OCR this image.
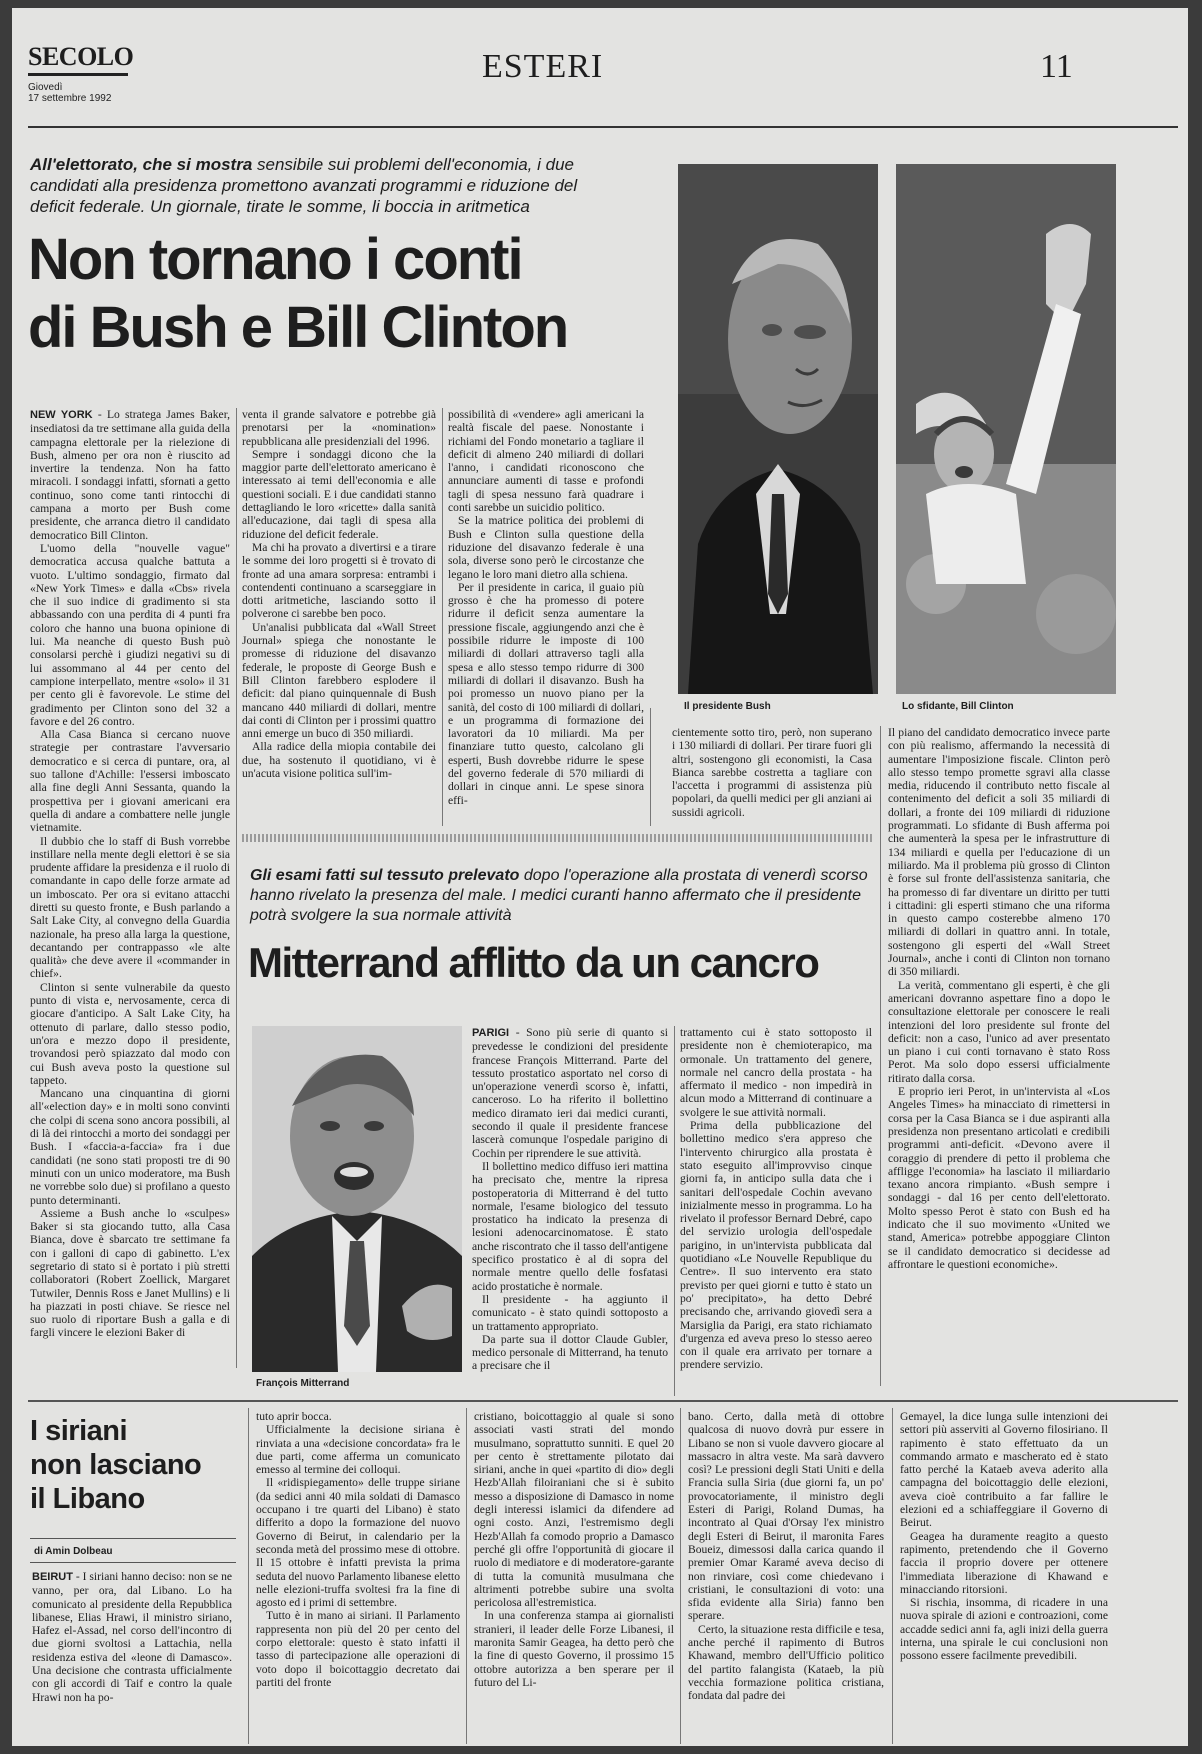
SECOLO
Giovedì
17 settembre 1992
ESTERI	11
All'elettorato, che si mostra sensibile sui problemi dell'economia, i due candidati alla presidenza promettono avanzati programmi e riduzione del deficit federale. Un giornale, tirate le somme, li boccia in aritmetica
Non tornano i conti
di Bush e Bill Clinton

NEW YORK - Lo stratega James Baker, insediatosi da tre settimane alla guida della campagna elettorale per la rielezione di Bush, almeno per ora non è riuscito ad invertire la tendenza. Non ha fatto miracoli. I sondaggi infatti, sfornati a getto continuo, sono come tanti rintocchi di campana a morto per Bush come presidente, che arranca dietro il candidato democratico Bill Clinton.

L'uomo della "nouvelle vague" democratica accusa qualche battuta a vuoto. L'ultimo sondaggio, firmato dal «New York Times» e dalla «Cbs» rivela che il suo indice di gradimento si sta abbassando con una perdita di 4 punti fra coloro che hanno una buona opinione di lui. Ma neanche di questo Bush può consolarsi perchè i giudizi negativi su di lui assommano al 44 per cento del campione interpellato, mentre «solo» il 31 per cento gli è favorevole. Le stime del gradimento per Clinton sono del 32 a favore e del 26 contro.

Alla Casa Bianca si cercano nuove strategie per contrastare l'avversario democratico e si cerca di puntare, ora, al suo tallone d'Achille: l'essersi imboscato alla fine degli Anni Sessanta, quando la prospettiva per i giovani americani era quella di andare a combattere nelle jungle vietnamite.

Il dubbio che lo staff di Bush vorrebbe instillare nella mente degli elettori è se sia prudente affidare la presidenza e il ruolo di comandante in capo delle forze armate ad un imboscato. Per ora si evitano attacchi diretti su questo fronte, e Bush parlando a Salt Lake City, al convegno della Guardia nazionale, ha preso alla larga la questione, decantando per contrappasso «le alte qualità» che deve avere il «commander in chief».

Clinton si sente vulnerabile da questo punto di vista e, nervosamente, cerca di giocare d'anticipo. A Salt Lake City, ha ottenuto di parlare, dallo stesso podio, un'ora e mezzo dopo il presidente, trovandosi però spiazzato dal modo con cui Bush aveva posto la questione sul tappeto.

Mancano una cinquantina di giorni all'«election day» e in molti sono convinti che colpi di scena sono ancora possibili, al di là dei rintocchi a morto dei sondaggi per Bush. I «faccia-a-faccia» fra i due candidati (ne sono stati proposti tre di 90 minuti con un unico moderatore, ma Bush ne vorrebbe solo due) si profilano a questo punto determinanti.

Assieme a Bush anche lo «sculpes» Baker si sta giocando tutto, alla Casa Bianca, dove è sbarcato tre settimane fa con i galloni di capo di gabinetto. L'ex segretario di stato si è portato i più stretti collaboratori (Robert Zoellick, Margaret Tutwiler, Dennis Ross e Janet Mullins) e li ha piazzati in posti chiave. Se riesce nel suo ruolo di riportare Bush a galla e di fargli vincere le elezioni Baker di

venta il grande salvatore e potrebbe già prenotarsi per la «nomination» repubblicana alle presidenziali del 1996.

Sempre i sondaggi dicono che la maggior parte dell'elettorato americano è interessato ai temi dell'economia e alle questioni sociali. E i due candidati stanno dettagliando le loro «ricette» dalla sanità all'educazione, dai tagli di spesa alla riduzione del deficit federale.

Ma chi ha provato a divertirsi e a tirare le somme dei loro progetti si è trovato di fronte ad una amara sorpresa: entrambi i contendenti continuano a scarseggiare in dotti aritmetiche, lasciando sotto il polverone ci sarebbe ben poco.

Un'analisi pubblicata dal «Wall Street Journal» spiega che nonostante le promesse di riduzione del disavanzo federale, le proposte di George Bush e Bill Clinton farebbero esplodere il deficit: dal piano quinquennale di Bush mancano 440 miliardi di dollari, mentre dai conti di Clinton per i prossimi quattro anni emerge un buco di 350 miliardi.

Alla radice della miopia contabile dei due, ha sostenuto il quotidiano, vi è un'acuta visione politica sull'im-

possibilità di «vendere» agli americani la realtà fiscale del paese. Nonostante i richiami del Fondo monetario a tagliare il deficit di almeno 240 miliardi di dollari l'anno, i candidati riconoscono che annunciare aumenti di tasse e profondi tagli di spesa nessuno farà quadrare i conti sarebbe un suicidio politico.

Se la matrice politica dei problemi di Bush e Clinton sulla questione della riduzione del disavanzo federale è una sola, diverse sono però le circostanze che legano le loro mani dietro alla schiena.

Per il presidente in carica, il guaio più grosso è che ha promesso di potere ridurre il deficit senza aumentare la pressione fiscale, aggiungendo anzi che è possibile ridurre le imposte di 100 miliardi di dollari attraverso tagli alla spesa e allo stesso tempo ridurre di 300 miliardi di dollari il disavanzo. Bush ha poi promesso un nuovo piano per la sanità, del costo di 100 miliardi di dollari, e un programma di formazione dei lavoratori da 10 miliardi. Ma per finanziare tutto questo, calcolano gli esperti, Bush dovrebbe ridurre le spese del governo federale di 570 miliardi di dollari in cinque anni. Le spese sinora effi-

Il presidente Bush	Lo sfidante, Bill Clinton

cientemente sotto tiro, però, non superano i 130 miliardi di dollari. Per tirare fuori gli altri, sostengono gli economisti, la Casa Bianca sarebbe costretta a tagliare con l'accetta i programmi di assistenza più popolari, da quelli medici per gli anziani ai sussidi agricoli.

Il piano del candidato democratico invece parte con più realismo, affermando la necessità di aumentare l'imposizione fiscale. Clinton però allo stesso tempo promette sgravi alla classe media, riducendo il contributo netto fiscale al contenimento del deficit a soli 35 miliardi di dollari, a fronte dei 109 miliardi di riduzione programmati. Lo sfidante di Bush afferma poi che aumenterà la spesa per le infrastrutture di 134 miliardi e quella per l'educazione di un miliardo. Ma il problema più grosso di Clinton è forse sul fronte dell'assistenza sanitaria, che ha promesso di far diventare un diritto per tutti i cittadini: gli esperti stimano che una riforma in questo campo costerebbe almeno 170 miliardi di dollari in quattro anni. In totale, sostengono gli esperti del «Wall Street Journal», anche i conti di Clinton non tornano di 350 miliardi.

La verità, commentano gli esperti, è che gli americani dovranno aspettare fino a dopo le consultazione elettorale per conoscere le reali intenzioni del loro presidente sul fronte del deficit: non a caso, l'unico ad aver presentato un piano i cui conti tornavano è stato Ross Perot. Ma solo dopo essersi ufficialmente ritirato dalla corsa.

E proprio ieri Perot, in un'intervista al «Los Angeles Times» ha minacciato di rimettersi in corsa per la Casa Bianca se i due aspiranti alla presidenza non presentano articolati e credibili programmi anti-deficit. «Devono avere il coraggio di prendere di petto il problema che affligge l'economia» ha lasciato il miliardario texano ancora rimpianto. «Bush sempre i sondaggi - dal 16 per cento dell'elettorato. Molto spesso Perot è stato con Bush ed ha indicato che il suo movimento «United we stand, America» potrebbe appoggiare Clinton se il candidato democratico si decidesse ad affrontare le questioni economiche».

Gli esami fatti sul tessuto prelevato dopo l'operazione alla prostata di venerdì scorso hanno rivelato la presenza del male. I medici curanti hanno affermato che il presidente potrà svolgere la sua normale attività
Mitterrand afflitto da un cancro
François Mitterrand

PARIGI - Sono più serie di quanto si prevedesse le condizioni del presidente francese François Mitterrand. Parte del tessuto prostatico asportato nel corso di un'operazione venerdì scorso è, infatti, canceroso. Lo ha riferito il bollettino medico diramato ieri dai medici curanti, secondo il quale il presidente francese lascerà comunque l'ospedale parigino di Cochin per riprendere le sue attività.

Il bollettino medico diffuso ieri mattina ha precisato che, mentre la ripresa postoperatoria di Mitterrand è del tutto normale, l'esame biologico del tessuto prostatico ha indicato la presenza di lesioni adenocarcinomatose. È stato anche riscontrato che il tasso dell'antigene specifico prostatico è al di sopra del normale mentre quello delle fosfatasi acido prostatiche è normale.

Il presidente - ha aggiunto il comunicato - è stato quindi sottoposto a un trattamento appropriato.

Da parte sua il dottor Claude Gubler, medico personale di Mitterrand, ha tenuto a precisare che il

trattamento cui è stato sottoposto il presidente non è chemioterapico, ma ormonale. Un trattamento del genere, normale nel cancro della prostata - ha affermato il medico - non impedirà in alcun modo a Mitterrand di continuare a svolgere le sue attività normali.

Prima della pubblicazione del bollettino medico s'era appreso che l'intervento chirurgico alla prostata è stato eseguito all'improvviso cinque giorni fa, in anticipo sulla data che i sanitari dell'ospedale Cochin avevano inizialmente messo in programma. Lo ha rivelato il professor Bernard Debré, capo del servizio urologia dell'ospedale parigino, in un'intervista pubblicata dal quotidiano «Le Nouvelle Republique du Centre». Il suo intervento era stato previsto per quei giorni e tutto è stato un po' precipitato», ha detto Debré precisando che, arrivando giovedì sera a Marsiglia da Parigi, era stato richiamato d'urgenza ed aveva preso lo stesso aereo con il quale era arrivato per tornare a prendere servizio.

I siriani
non lasciano
il Libano
di Amin Dolbeau

BEIRUT - I siriani hanno deciso: non se ne vanno, per ora, dal Libano. Lo ha comunicato al presidente della Repubblica libanese, Elias Hrawi, il ministro siriano, Hafez el-Assad, nel corso dell'incontro di due giorni svoltosi a Lattachia, nella residenza estiva del «leone di Damasco». Una decisione che contrasta ufficialmente con gli accordi di Taif e contro la quale Hrawi non ha po-

tuto aprir bocca.

Ufficialmente la decisione siriana è rinviata a una «decisione concordata» fra le due parti, come afferma un comunicato emesso al termine dei colloqui.

Il «ridispiegamento» delle truppe siriane (da sedici anni 40 mila soldati di Damasco occupano i tre quarti del Libano) è stato differito a dopo la formazione del nuovo Governo di Beirut, in calendario per la seconda metà del prossimo mese di ottobre. Il 15 ottobre è infatti prevista la prima seduta del nuovo Parlamento libanese eletto nelle elezioni-truffa svoltesi fra la fine di agosto ed i primi di settembre.

Tutto è in mano ai siriani. Il Parlamento rappresenta non più del 20 per cento del corpo elettorale: questo è stato infatti il tasso di partecipazione alle operazioni di voto dopo il boicottaggio decretato dai partiti del fronte

cristiano, boicottaggio al quale si sono associati vasti strati del mondo musulmano, soprattutto sunniti. E quel 20 per cento è strettamente pilotato dai siriani, anche in quei «partito di dio» degli Hezb'Allah filoiraniani che si è subito messo a disposizione di Damasco in nome degli interessi islamici da difendere ad ogni costo. Anzi, l'estremismo degli Hezb'Allah fa comodo proprio a Damasco perché gli offre l'opportunità di giocare il ruolo di mediatore e di moderatore-garante di tutta la comunità musulmana che altrimenti potrebbe subire una svolta pericolosa all'estremistica.

In una conferenza stampa ai giornalisti stranieri, il leader delle Forze Libanesi, il maronita Samir Geagea, ha detto però che la fine di questo Governo, il prossimo 15 ottobre autorizza a ben sperare per il futuro del Li-

bano. Certo, dalla metà di ottobre qualcosa di nuovo dovrà pur essere in Libano se non si vuole davvero giocare al massacro in altra veste. Ma sarà davvero così? Le pressioni degli Stati Uniti e della Francia sulla Siria (due giorni fa, un po' provocatoriamente, il ministro degli Esteri di Parigi, Roland Dumas, ha incontrato al Quai d'Orsay l'ex ministro degli Esteri di Beirut, il maronita Fares Boueiz, dimessosi dalla carica quando il premier Omar Karamé aveva deciso di non rinviare, così come chiedevano i cristiani, le consultazioni di voto: una sfida evidente alla Siria) fanno ben sperare.

Certo, la situazione resta difficile e tesa, anche perché il rapimento di Butros Khawand, membro dell'Ufficio politico del partito falangista (Kataeb, la più vecchia formazione politica cristiana, fondata dal padre dei

Gemayel, la dice lunga sulle intenzioni dei settori più asserviti al Governo filosiriano. Il rapimento è stato effettuato da un commando armato e mascherato ed è stato fatto perché la Kataeb aveva aderito alla campagna del boicottaggio delle elezioni, aveva cioè contribuito a far fallire le elezioni ed a schiaffeggiare il Governo di Beirut.

Geagea ha duramente reagito a questo rapimento, pretendendo che il Governo faccia il proprio dovere per ottenere l'immediata liberazione di Khawand e minacciando ritorsioni.

Si rischia, insomma, di ricadere in una nuova spirale di azioni e controazioni, come accadde sedici anni fa, agli inizi della guerra interna, una spirale le cui conclusioni non possono essere facilmente prevedibili.
